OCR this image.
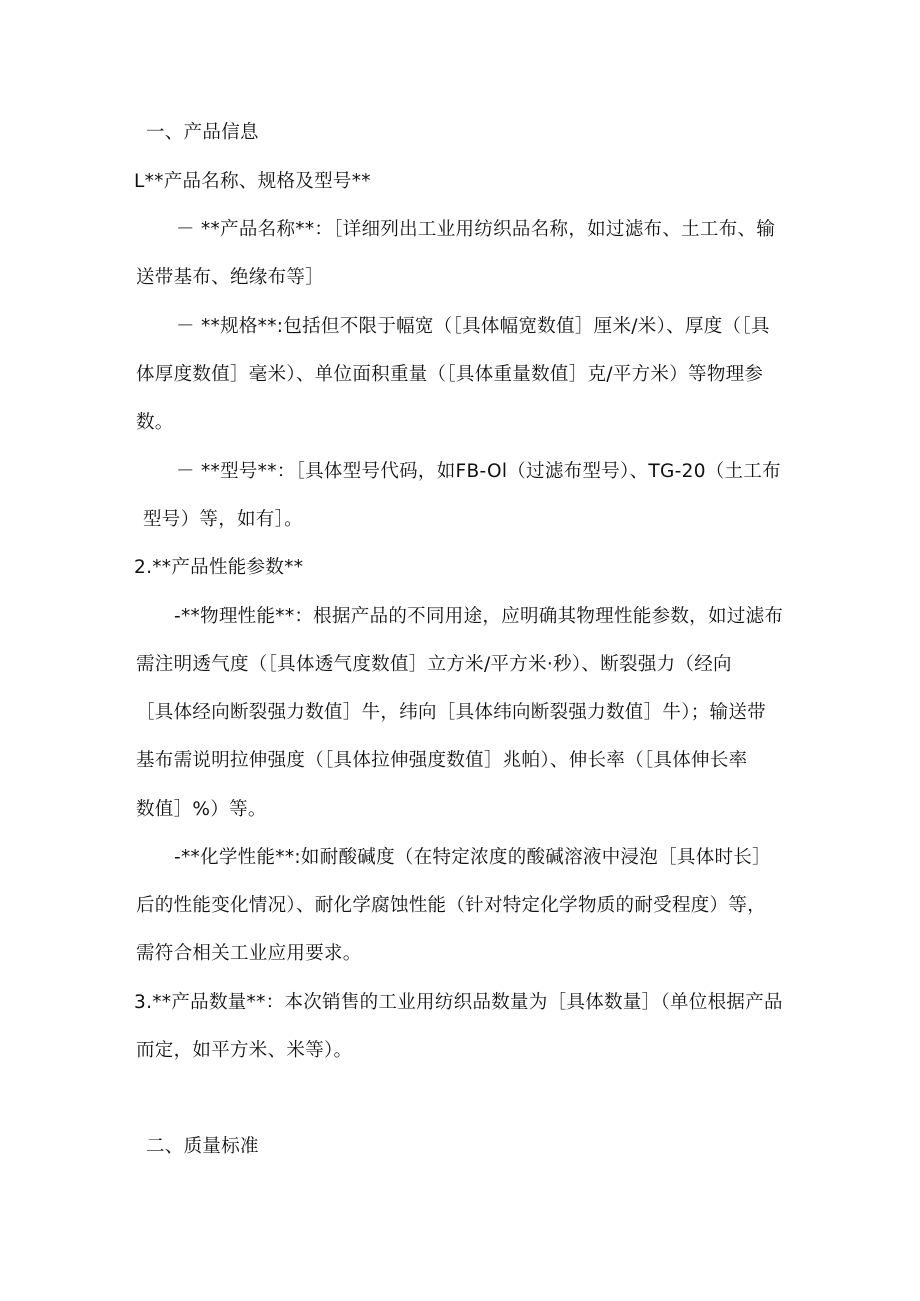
一、产品信息
L**产品名称、规格及型号**
－ **产品名称**：［详细列出工业用纺织品名称，如过滤布、土工布、输
送带基布、绝缘布等］
－ **规格**:包括但不限于幅宽（［具体幅宽数值］厘米/米）、厚度（［具
体厚度数值］毫米）、单位面积重量（［具体重量数值］克/平方米）等物理参
数。
－ **型号**：［具体型号代码，如FB-Ol（过滤布型号）、TG-20（土工布
型号）等，如有］。
2.**产品性能参数**
-**物理性能**：根据产品的不同用途，应明确其物理性能参数，如过滤布
需注明透气度（［具体透气度数值］立方米/平方米·秒）、断裂强力（经向
［具体经向断裂强力数值］牛，纬向［具体纬向断裂强力数值］牛）；输送带
基布需说明拉伸强度（［具体拉伸强度数值］兆帕）、伸长率（［具体伸长率
数值］%）等。
-**化学性能**:如耐酸碱度（在特定浓度的酸碱溶液中浸泡［具体时长］
后的性能变化情况）、耐化学腐蚀性能（针对特定化学物质的耐受程度）等，
需符合相关工业应用要求。
3.**产品数量**：本次销售的工业用纺织品数量为［具体数量］（单位根据产品
而定，如平方米、米等）。
二、质量标准
